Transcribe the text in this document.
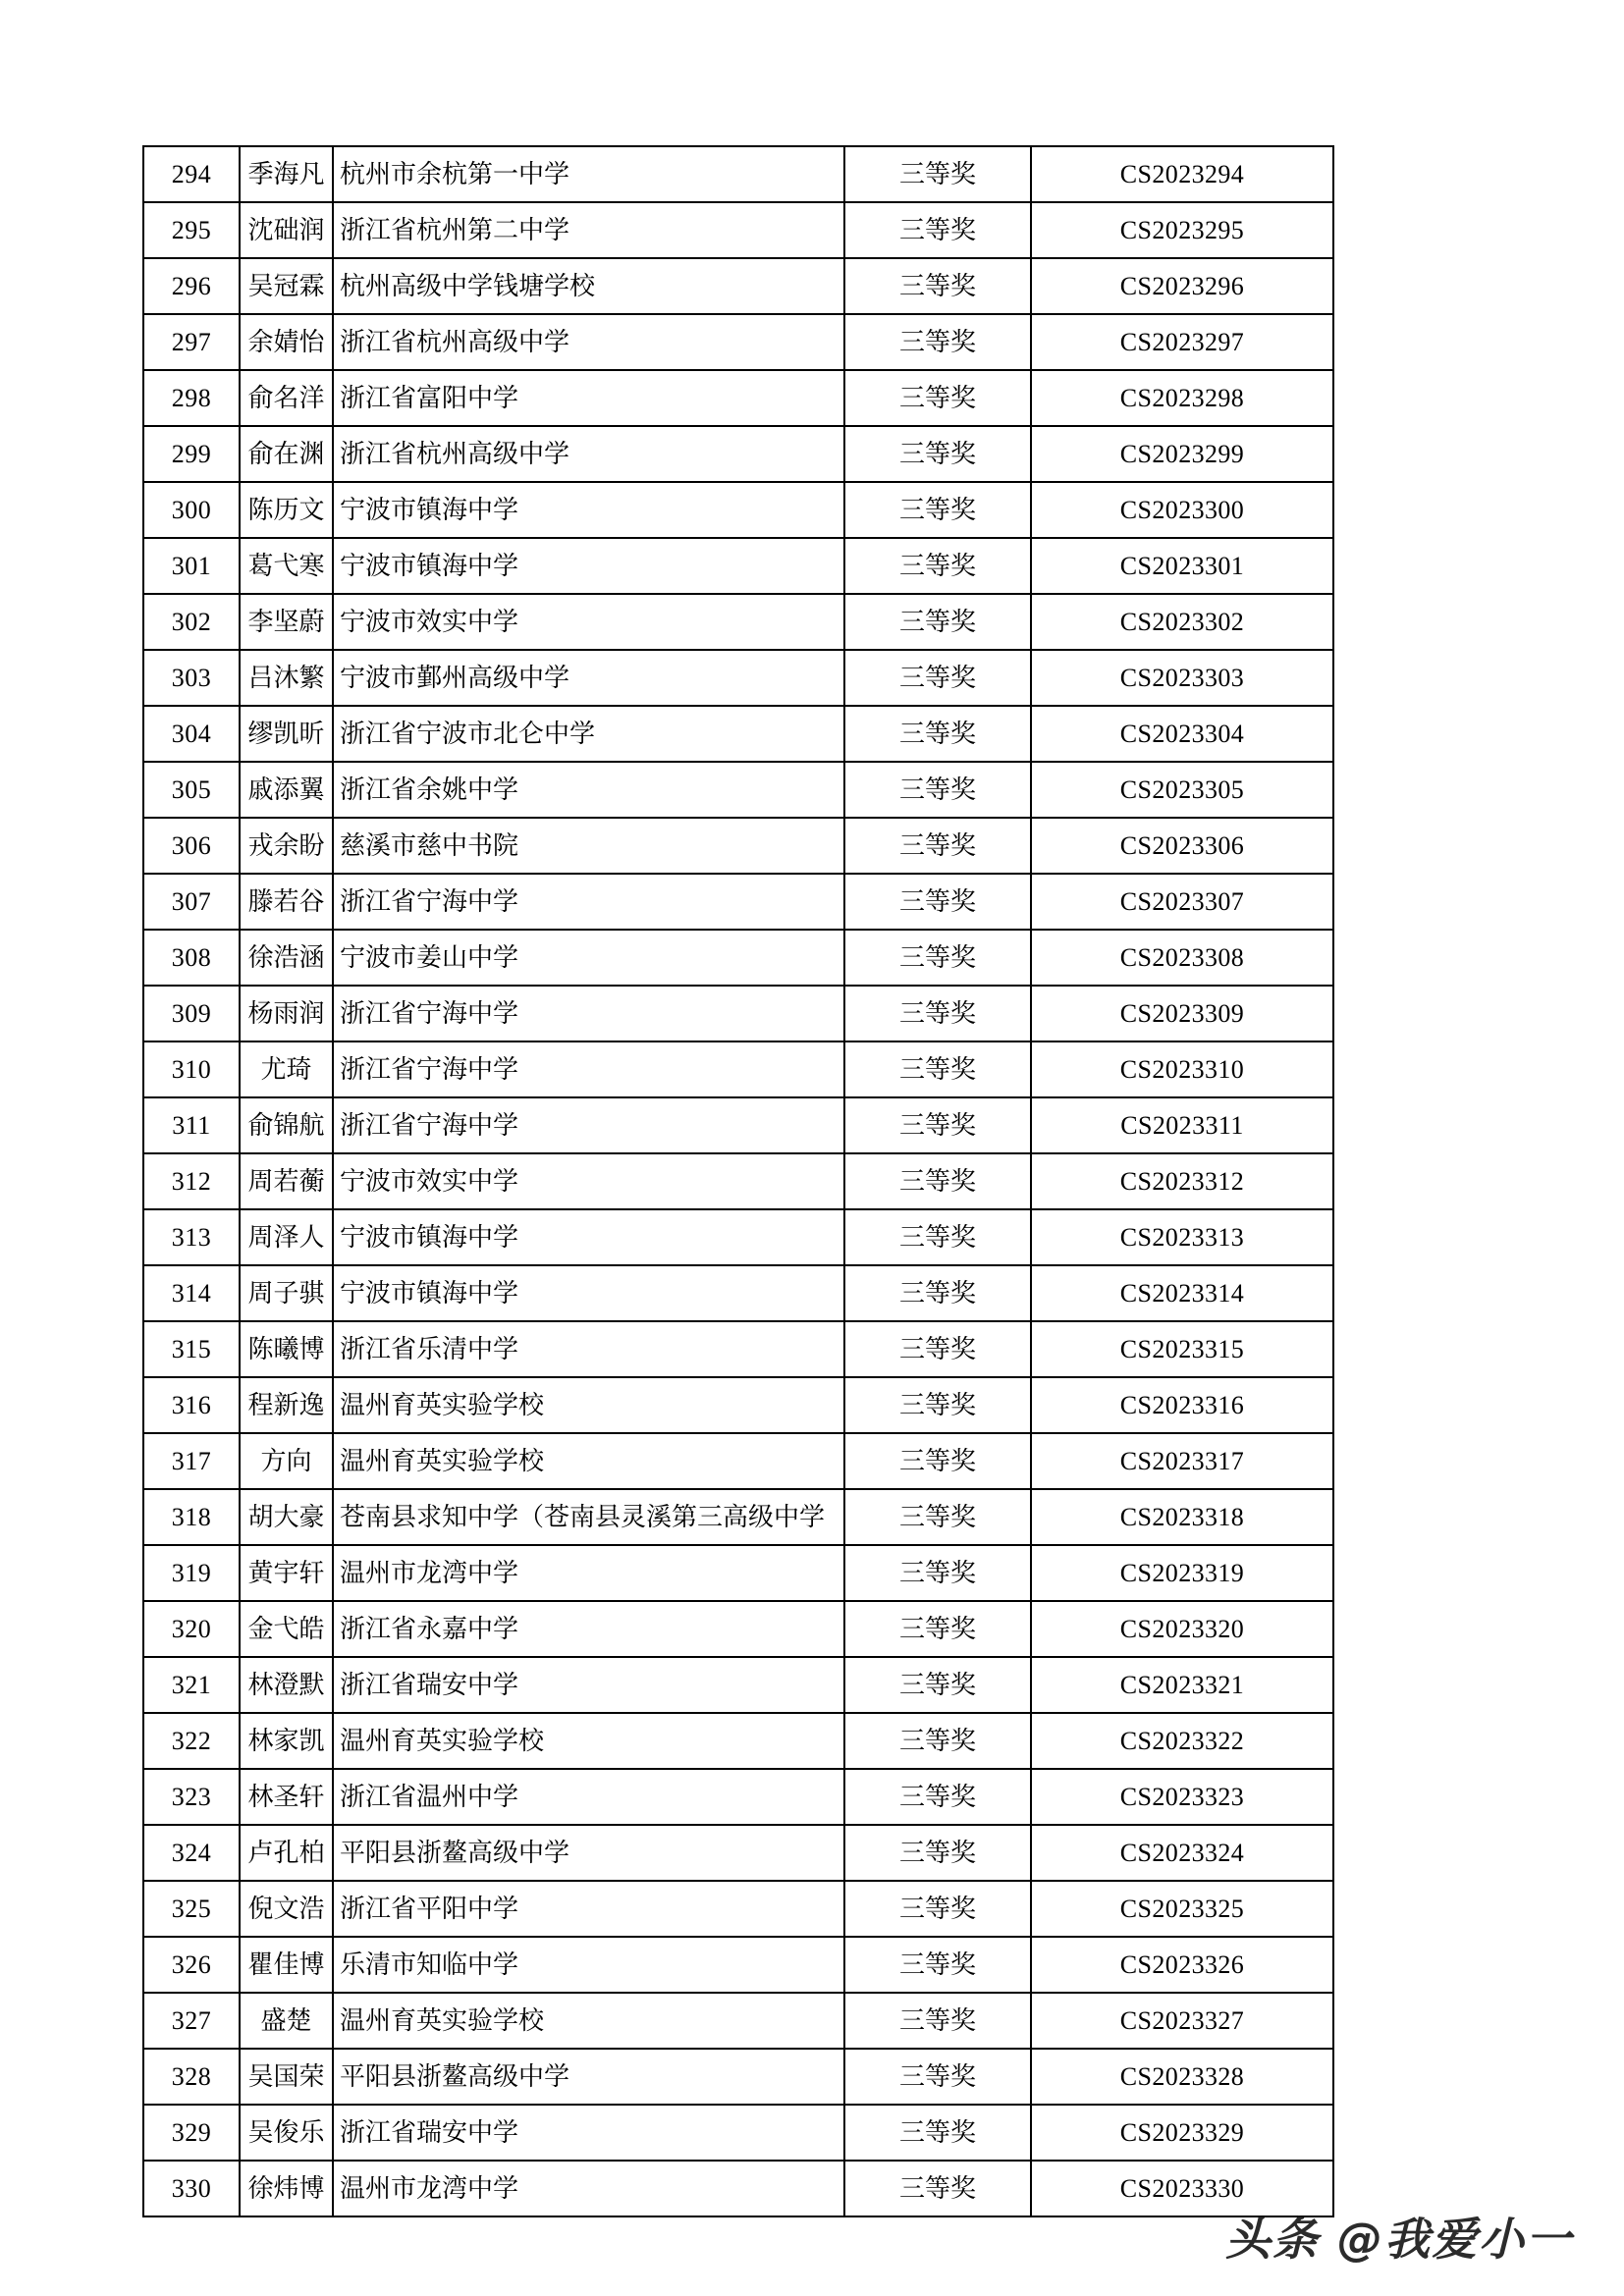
294	季海凡	杭州市余杭第一中学	三等奖	CS2023294
295	沈础润	浙江省杭州第二中学	三等奖	CS2023295
296	吴冠霖	杭州高级中学钱塘学校	三等奖	CS2023296
297	余婧怡	浙江省杭州高级中学	三等奖	CS2023297
298	俞名洋	浙江省富阳中学	三等奖	CS2023298
299	俞在渊	浙江省杭州高级中学	三等奖	CS2023299
300	陈历文	宁波市镇海中学	三等奖	CS2023300
301	葛弋寒	宁波市镇海中学	三等奖	CS2023301
302	李坚蔚	宁波市效实中学	三等奖	CS2023302
303	吕沐繁	宁波市鄞州高级中学	三等奖	CS2023303
304	缪凯昕	浙江省宁波市北仑中学	三等奖	CS2023304
305	戚添翼	浙江省余姚中学	三等奖	CS2023305
306	戎余盼	慈溪市慈中书院	三等奖	CS2023306
307	滕若谷	浙江省宁海中学	三等奖	CS2023307
308	徐浩涵	宁波市姜山中学	三等奖	CS2023308
309	杨雨润	浙江省宁海中学	三等奖	CS2023309
310	尤琦	浙江省宁海中学	三等奖	CS2023310
311	俞锦航	浙江省宁海中学	三等奖	CS2023311
312	周若蘅	宁波市效实中学	三等奖	CS2023312
313	周泽人	宁波市镇海中学	三等奖	CS2023313
314	周子骐	宁波市镇海中学	三等奖	CS2023314
315	陈曦博	浙江省乐清中学	三等奖	CS2023315
316	程新逸	温州育英实验学校	三等奖	CS2023316
317	方向	温州育英实验学校	三等奖	CS2023317
318	胡大豪	苍南县求知中学（苍南县灵溪第三高级中学	三等奖	CS2023318
319	黄宇轩	温州市龙湾中学	三等奖	CS2023319
320	金弋皓	浙江省永嘉中学	三等奖	CS2023320
321	林澄默	浙江省瑞安中学	三等奖	CS2023321
322	林家凯	温州育英实验学校	三等奖	CS2023322
323	林圣轩	浙江省温州中学	三等奖	CS2023323
324	卢孔柏	平阳县浙鳌高级中学	三等奖	CS2023324
325	倪文浩	浙江省平阳中学	三等奖	CS2023325
326	瞿佳博	乐清市知临中学	三等奖	CS2023326
327	盛楚	温州育英实验学校	三等奖	CS2023327
328	吴国荣	平阳县浙鳌高级中学	三等奖	CS2023328
329	吴俊乐	浙江省瑞安中学	三等奖	CS2023329
330	徐炜博	温州市龙湾中学	三等奖	CS2023330
头条 @我爱小一
